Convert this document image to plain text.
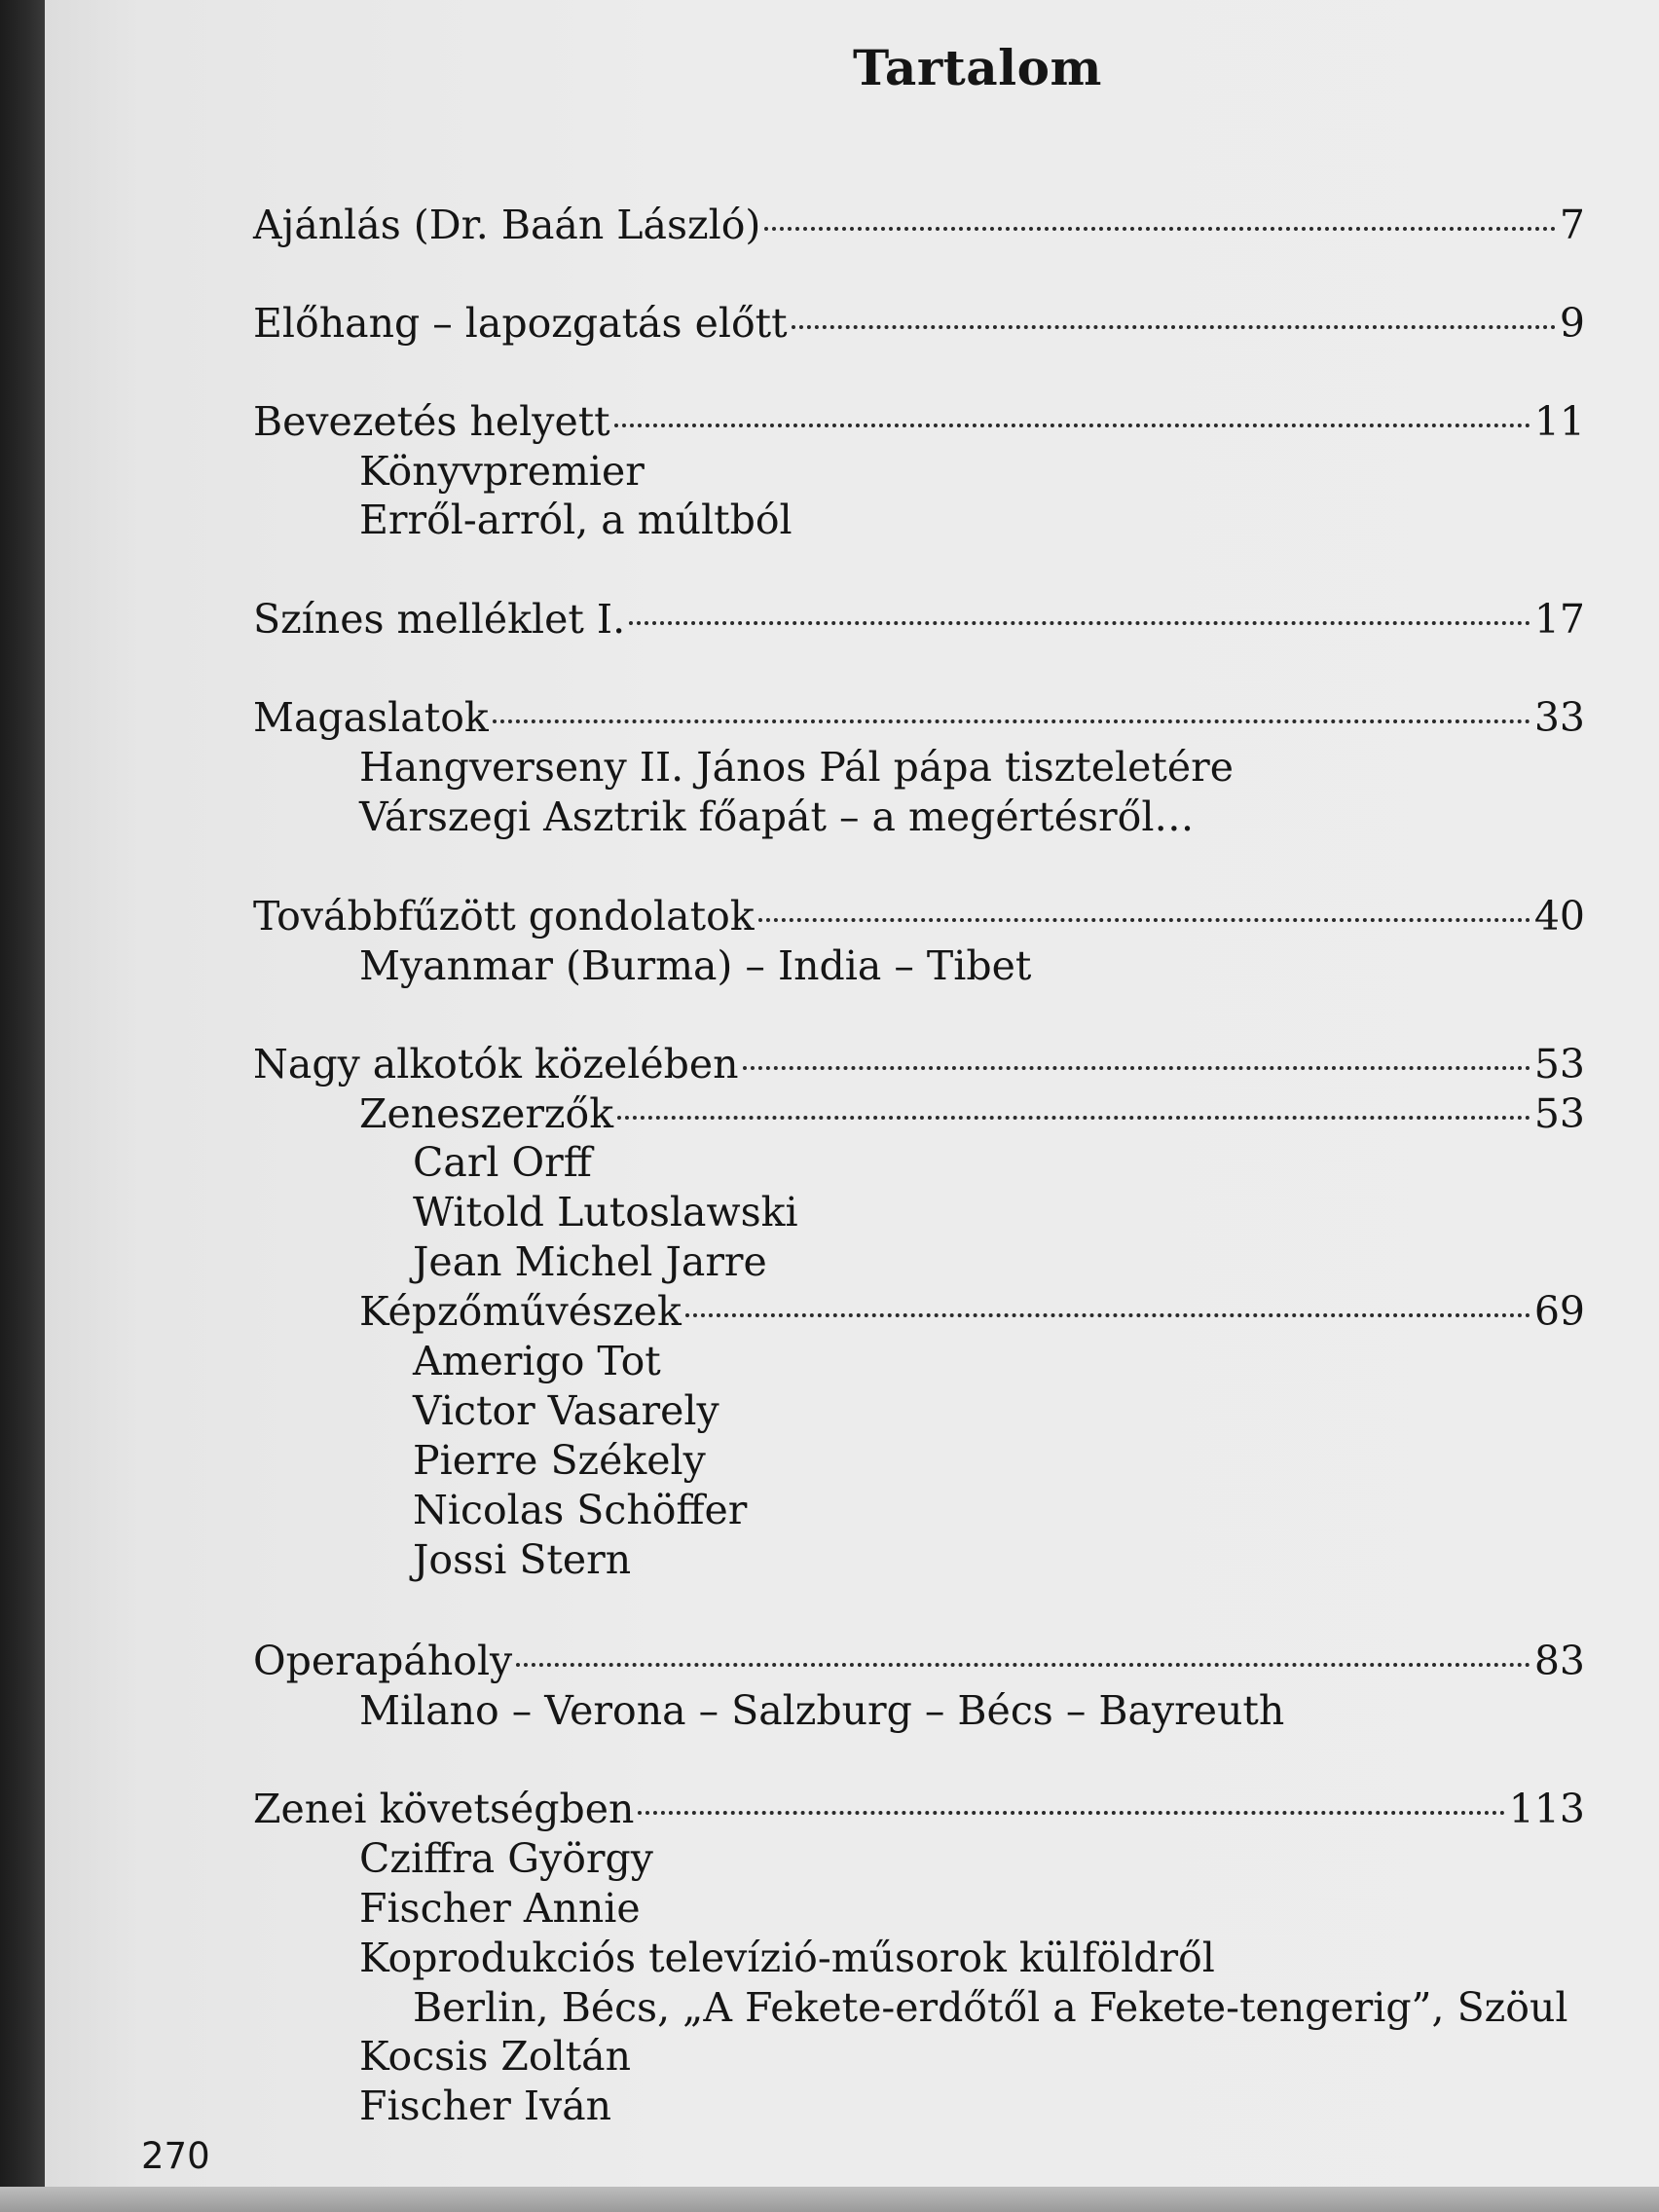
Tartalom
Ajánlás (Dr. Baán László)	7
Előhang – lapozgatás előtt	9
Bevezetés helyett	11
Könyvpremier
Erről-arról, a múltból
Színes melléklet I.	17
Magaslatok	33
Hangverseny II. János Pál pápa tiszteletére
Várszegi Asztrik főapát – a megértésről…
Továbbfűzött gondolatok	40
Myanmar (Burma) – India – Tibet
Nagy alkotók közelében	53
Zeneszerzők	53
Carl Orff
Witold Lutoslawski
Jean Michel Jarre
Képzőművészek	69
Amerigo Tot
Victor Vasarely
Pierre Székely
Nicolas Schöffer
Jossi Stern
Operapáholy	83
Milano – Verona – Salzburg – Bécs – Bayreuth
Zenei követségben	113
Cziffra György
Fischer Annie
Koprodukciós televízió-műsorok külföldről
Berlin, Bécs, „A Fekete-erdőtől a Fekete-tengerig”, Szöul
Kocsis Zoltán
Fischer Iván
270
